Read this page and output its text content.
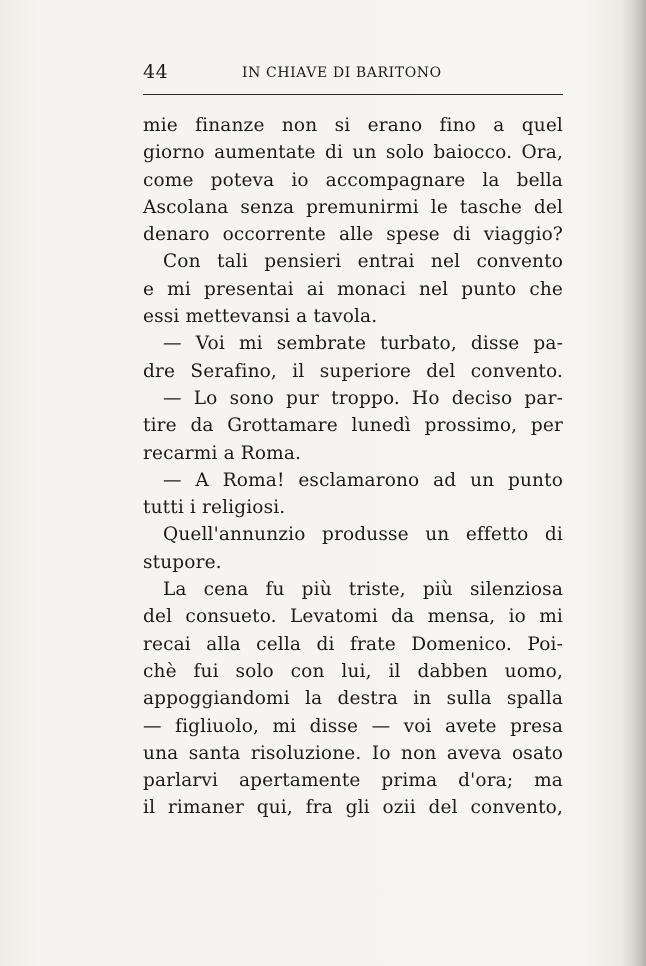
44	IN CHIAVE DI BARITONO
mie finanze non si erano fino a quel
giorno aumentate di un solo baiocco. Ora,
come poteva io accompagnare la bella
Ascolana senza premunirmi le tasche del
denaro occorrente alle spese di viaggio?
Con tali pensieri entrai nel convento
e mi presentai ai monaci nel punto che
essi mettevansi a tavola.
— Voi mi sembrate turbato, disse pa-
dre Serafino, il superiore del convento.
— Lo sono pur troppo. Ho deciso par-
tire da Grottamare lunedì prossimo, per
recarmi a Roma.
— A Roma! esclamarono ad un punto
tutti i religiosi.
Quell'annunzio produsse un effetto di
stupore.
La cena fu più triste, più silenziosa
del consueto. Levatomi da mensa, io mi
recai alla cella di frate Domenico. Poi-
chè fui solo con lui, il dabben uomo,
appoggiandomi la destra in sulla spalla
— figliuolo, mi disse — voi avete presa
una santa risoluzione. Io non aveva osato
parlarvi apertamente prima d'ora; ma
il rimaner qui, fra gli ozii del convento,
